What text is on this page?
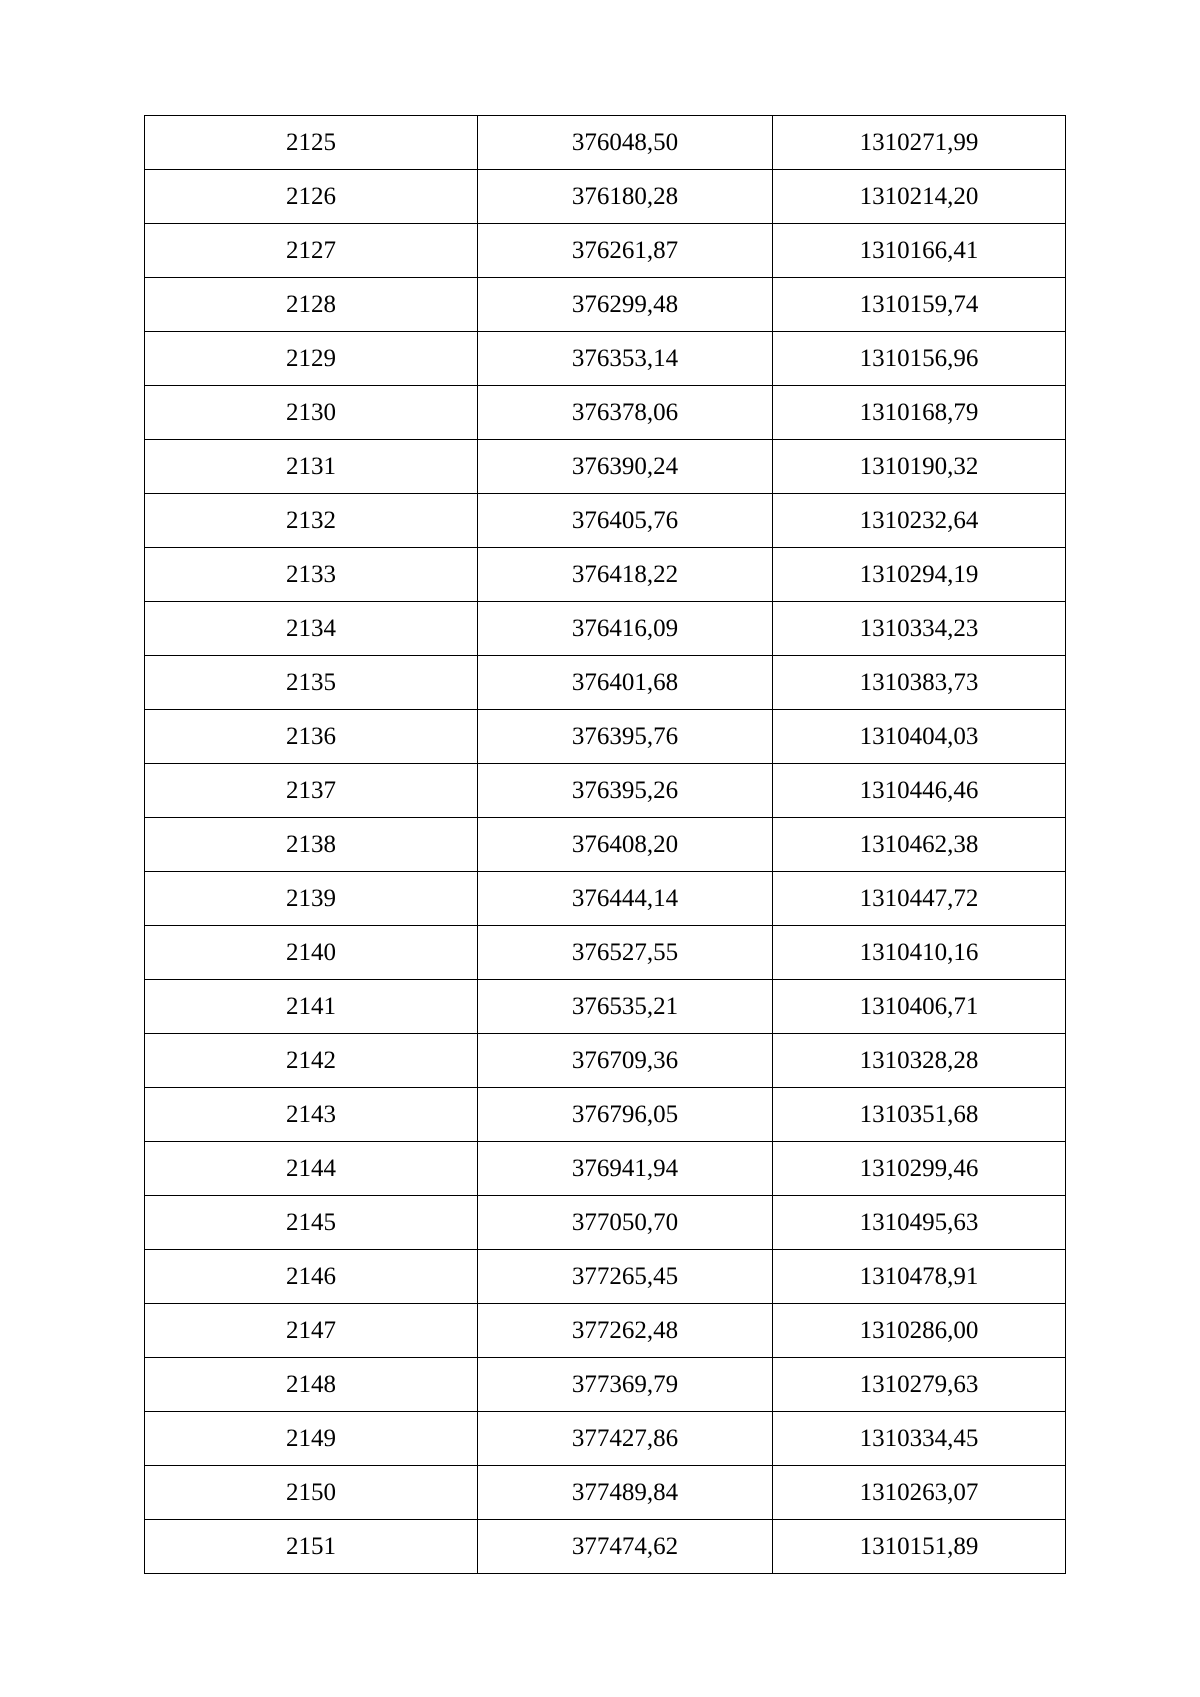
2125	376048,50	1310271,99
2126	376180,28	1310214,20
2127	376261,87	1310166,41
2128	376299,48	1310159,74
2129	376353,14	1310156,96
2130	376378,06	1310168,79
2131	376390,24	1310190,32
2132	376405,76	1310232,64
2133	376418,22	1310294,19
2134	376416,09	1310334,23
2135	376401,68	1310383,73
2136	376395,76	1310404,03
2137	376395,26	1310446,46
2138	376408,20	1310462,38
2139	376444,14	1310447,72
2140	376527,55	1310410,16
2141	376535,21	1310406,71
2142	376709,36	1310328,28
2143	376796,05	1310351,68
2144	376941,94	1310299,46
2145	377050,70	1310495,63
2146	377265,45	1310478,91
2147	377262,48	1310286,00
2148	377369,79	1310279,63
2149	377427,86	1310334,45
2150	377489,84	1310263,07
2151	377474,62	1310151,89
